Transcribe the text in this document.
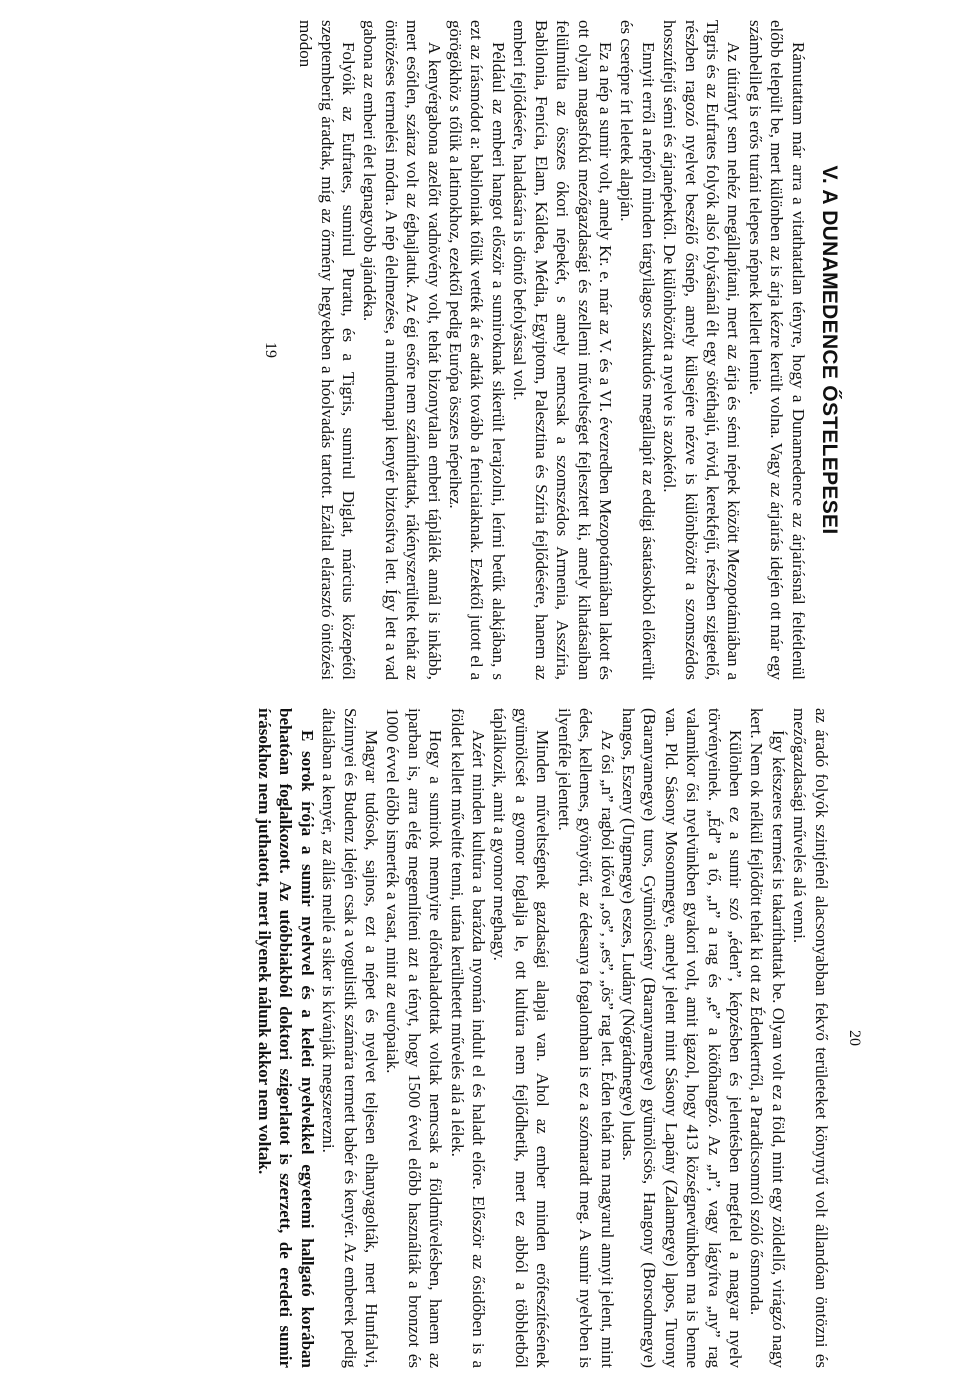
V. A DUNAMEDENCE ŐSTELEPESEI

Rámutattam már arra a vitathatatlan tényre, hogy a Dunamedence az árjaírásnál feltétlenül előbb települt be, mert különben az is árja kézre került volna. Vagy az árjaírás idején ott már egy számbelileg is erős turáni telepes népnek kellett lennie.

Az útirányt sem nehéz megállapítani, mert az árja és sémi népek között Mezopotámiában a Tigris és az Eufrates folyók alsó folyásánál élt egy sötéthajú, rövid, kerekfejű, részben szigetelő, részben ragozó nyelvet beszélő ősnép, amely külsejére nézve is különbözött a szomszédos hosszúfejű sémi és árjanépektől. De különbözött a nyelve is azokétól.

Ennyit erről a népről minden tárgyilagos szaktudós megállapít az eddigi ásatásokból előkerült és cserépre írt leletek alapján.

Ez a nép a sumir volt, amely Kr. e. már az V. és a VI. évezredben Mezopotámiában lakott és ott olyan magasfokú mezőgazdasági és szellemi műveltséget fejlesztett ki, amely kihatásaiban felülmúlta az összes ókori népekét, s amely nemcsak a szomszédos Armenia, Asszíria, Babilonia, Fenícia, Elam, Káldea, Média, Egyiptom, Palesztina és Szíria fejlődésére, hanem az emberi fejlődésére, haladására is döntő befolyással volt.

Például az emberi hangot először a sumiroknak sikerült lerajzolni, leírni betűk alakjában, s ezt az írásmódot a: babiloniak tőlük vették át és adták tovább a feniciaiaknak. Ezektől jutott el a görögökhöz s tőlük a latinokhoz, ezektől pedig Európa összes népeihez.

A kenyérgabona azelőtt vadnövény volt, tehát bizonytalan emberi táplálék annál is inkább, mert esőtlen, száraz volt az éghajlatuk. Az égi esőre nem számíthattak, rákényszerültek tehát az öntözéses termelési módra. A nép élelmezése, a mindennapi kenyér biztosítva lett. Így lett a vad gabona az emberi élet legnagyobb ajándéka.

Folyóik az Eufrates, sumirul Puratu, és a Tigris, sumirul Diglat, március közepétől szeptemberig áradtak, míg az őrmény hegyekben a hóolvadás tartott. Ezáltal elárasztó öntözési módon

19
20

az áradó folyók szintjénél alacsonyabban fekvő területeket könynyű volt állandóan öntözni és mezőgazdasági művelés alá venni.

Így kétszeres termést is takaríthattak be. Olyan volt ez a föld, mint egy zöldellő, virágzó nagy kert. Nem ok nélkül fejlődött tehát ki ott az Édenkertről, a Paradicsomról szóló ősmonda.

Különben ez a sumir szó „éden”, képzésben és jelentésben megfelel a magyar nyelv törvényeinek. „Éd” a tő, „n” a rag és „e” a kötőhangzó. Az „n”, vagy lágyítva „ny” rag valamikor ősi nyelvünkben gyakori volt, amit igazol, hogy 413 községnevünkben ma is benne van. Pld. Sásony Mosonmegye, amelyt jelent mint Sásony Lapány (Zalamegye) lapos, Turony (Baranyamegye) turos, Gyümölcsény (Baranyamegye) gyümölcsös, Hangony (Borsodmegye) hangos, Eszeny (Ungmegye) eszes, Ludány (Nógrádmegye) ludas.

Az ősi „n” ragból idővel „os”, „es”, „ös” rag lett. Éden tehát ma magyarul annyit jelent, mint édes, kellemes, gyönyörű, az édesanya fogalomban is ez a szómaradt meg. A sumir nyelvben is ilyenféle jelentett.

Minden műveltségnek gazdasági alapja van. Ahol az ember minden erőfeszítésének gyümölcsét a gyomor foglalja le, ott kultúra nem fejlődhetik, mert ez abból a többletből táplálkozik, amit a gyomor meghagy.

Azért minden kultúra a barázda nyomán indult el és haladt előre. Először az ősidőben is a földet kellett műveltté tenni, utána kerülhetett művelés alá a lélek.

Hogy a sumirok mennyire előrehaladottak voltak nemcsak a földművelésben, hanem az iparban is, arra elég megemlíteni azt a tényt, hogy 1500 évvel előbb használták a bronzot és 1000 évvel előbb ismerték a vasat, mint az európaiak.

Magyar tudósok, sajnos, ezt a népet és nyelvet teljesen elhanyagolták, mert Hunfalvi, Szinnyei és Budenz idején csak a vogulistik számára termett babér és kenyér. Az emberek pedig általában a kenyér, az állás mellé a siker is kívánják megszerezni.

E sorok írója a sumir nyelvvel és a keleti nyelvekkel egyetemi hallgató korában behatóan foglalkozott. Az utóbbiakból doktori szigorlatot is szerzett, de eredeti sumir írásokhoz nem juthatott, mert ilyenek nálunk akkor nem voltak.
